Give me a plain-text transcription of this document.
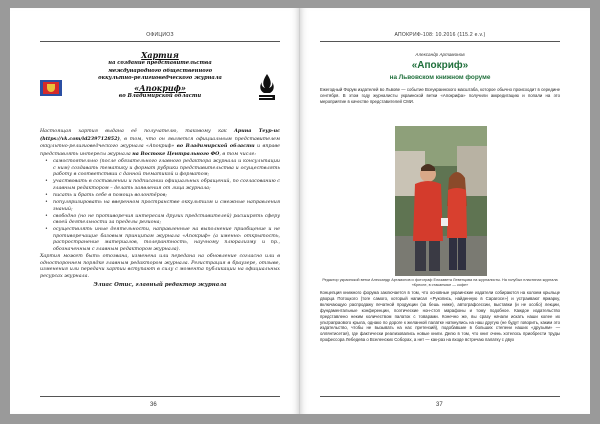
ОФИЦИОЗ
Хартия
на создание представительства
международного общественного
оккультно-религиоведческого журнала
«Апокриф»
во Владимирской области

Настоящая хартия выдана её получателю, таковому как Арина Теур-ис (https://vk.com/id239712852), в том, что он является официальным представителем оккультно-религиоведческого журнала «Апокриф» во Владимирской области и вправе представлять интересы журнала на Востоке Центрального ФО, в том числе:

• самостоятельно (после обязательного главного редактора журнала и консультации с ним) создавать тематику и формат рубрики представительства и осуществлять работу в соответствии с данной тематикой и форматом;
• участвовать в составлении и подписании официальных обращений, по согласованию с главным редактором – делать заявления от лица журнала;
• писать и брать себе в помощь волонтёров;
• популяризировать на вверенном пространстве оккультизм и смежные направления знаний;
• свободно (но не противоречия интересам других представителей) расширять сферу своей деятельности за пределы региона;
• осуществлять иные деятельности, направленные на выполнение приобщение и не противоречащие базовым принципам журнала «Апокриф» (а именно: открытость, распространение материалов, толерантность, научному плюрализму и пр., обозначенным с главным редактором журнала).

Хартия может быть отозвана, изменена или передана на обновление согласно или в одностороннем порядке главным редактором журнала. Регистрация в браузере, отзыве, изменения или передачи хартии вступают в силу с момента публикации на официальных ресурсах журнала.

Элиас Отис, главный редактор журнала

36
АПОКРИФ-108: 10.2016 (115.2 e.v.)
Александр Артамонов
«Апокриф»
на Львовском книжном форуме

Ежегодный Форум издателей во Львове — событие Всеукраинского масштаба, которое обычно происходит в середине сентября. В этом году журналисты украинской ветки «Апокрифа» получили аккредитацию и попали на это мероприятие в качестве представителей СМИ.

Редактор украинской ветки Александр Артамонов и фотограф Елизавета Левенцова на журналисты. На голубых пластинах журнала «Кресле, в стаканчике — кофе»

Концепция книжного форума заключается в том, что основные украинские издатели собираются на колоем крыльце дворца Потоцкого (тоге самого, который написал «Рукопись, найденную в Сарагосе») и устраивают ярмарку, включающую распродажу печатной продукции (за бешь ниже), автографсессии, выставки (и не особо) лекции, фундаментальные конференции, поэтические нон-стоп марафоны и тому подобное. Каждое издательство представлено неким количеством палаток с товарами. Конечно же, вы сразу начали искать наши колее их ультрапраового крыла, однако по дороге к желанной палатке наткнулись на наш другую (не будут говорить, каким это издательство, чтобы не вызывать на нас претензий), подобавшие в больших степени наших «друзьям» — оллянтисетая), где фактически реализовались новые книги. Делю в том, что книг очень хотелось приобрести труды профессора Лебедева о Вселенских Соборах, а нет — как-раз на входе встречаю палатку с двух

37
